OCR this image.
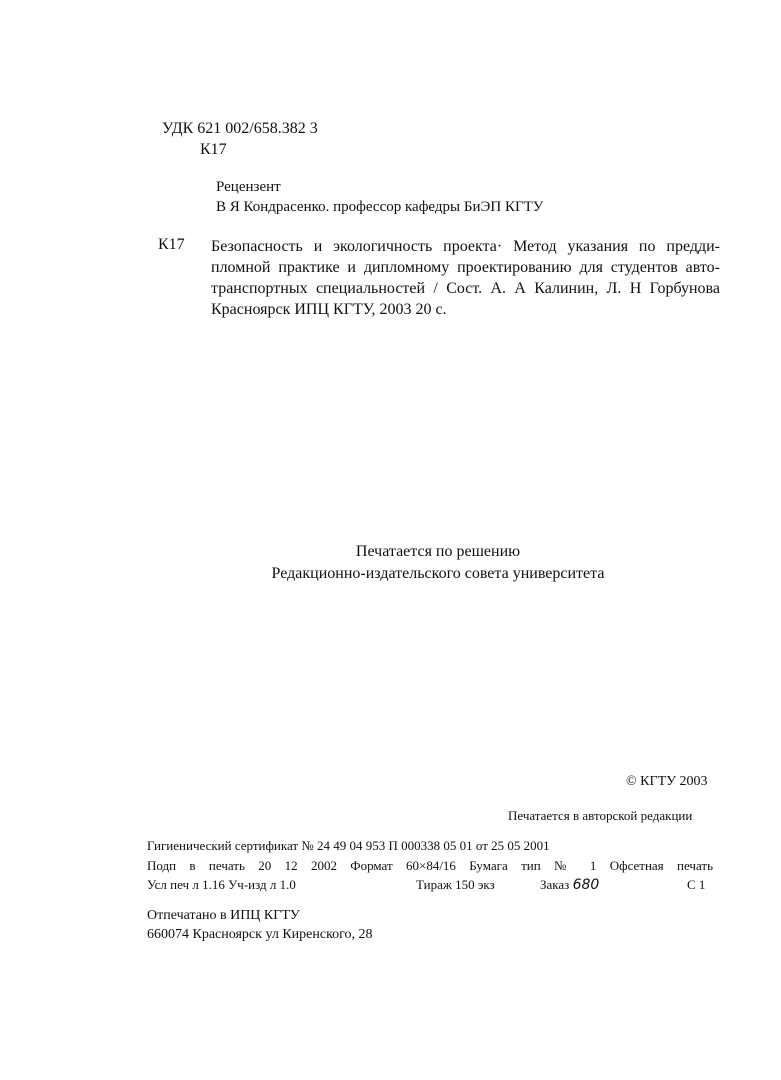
УДК 621 002/658.382 3
К17
Рецензент
В Я Кондрасенко. профессор кафедры БиЭП КГТУ
К17 Безопасность и экологичность проекта· Метод указания по предди-
пломной практике и дипломному проектированию для студентов авто-
транспортных специальностей / Сост. А. А Калинин, Л. Н Горбунова
Красноярск ИПЦ КГТУ, 2003 20 с.
Печатается по решению
Редакционно-издательского совета университета
© КГТУ 2003
Печатается в авторской редакции
Гигиенический сертификат № 24 49 04 953 П 000338 05 01 от 25 05 2001
Подп в печать 20 12 2002 Формат 60×84/16 Бумага тип № 1 Офсетная печать
Усл печ л 1.16 Уч-изд л 1.0	Тираж 150 экз	Заказ 680	С 1
Отпечатано в ИПЦ КГТУ
660074 Красноярск ул Киренского, 28
